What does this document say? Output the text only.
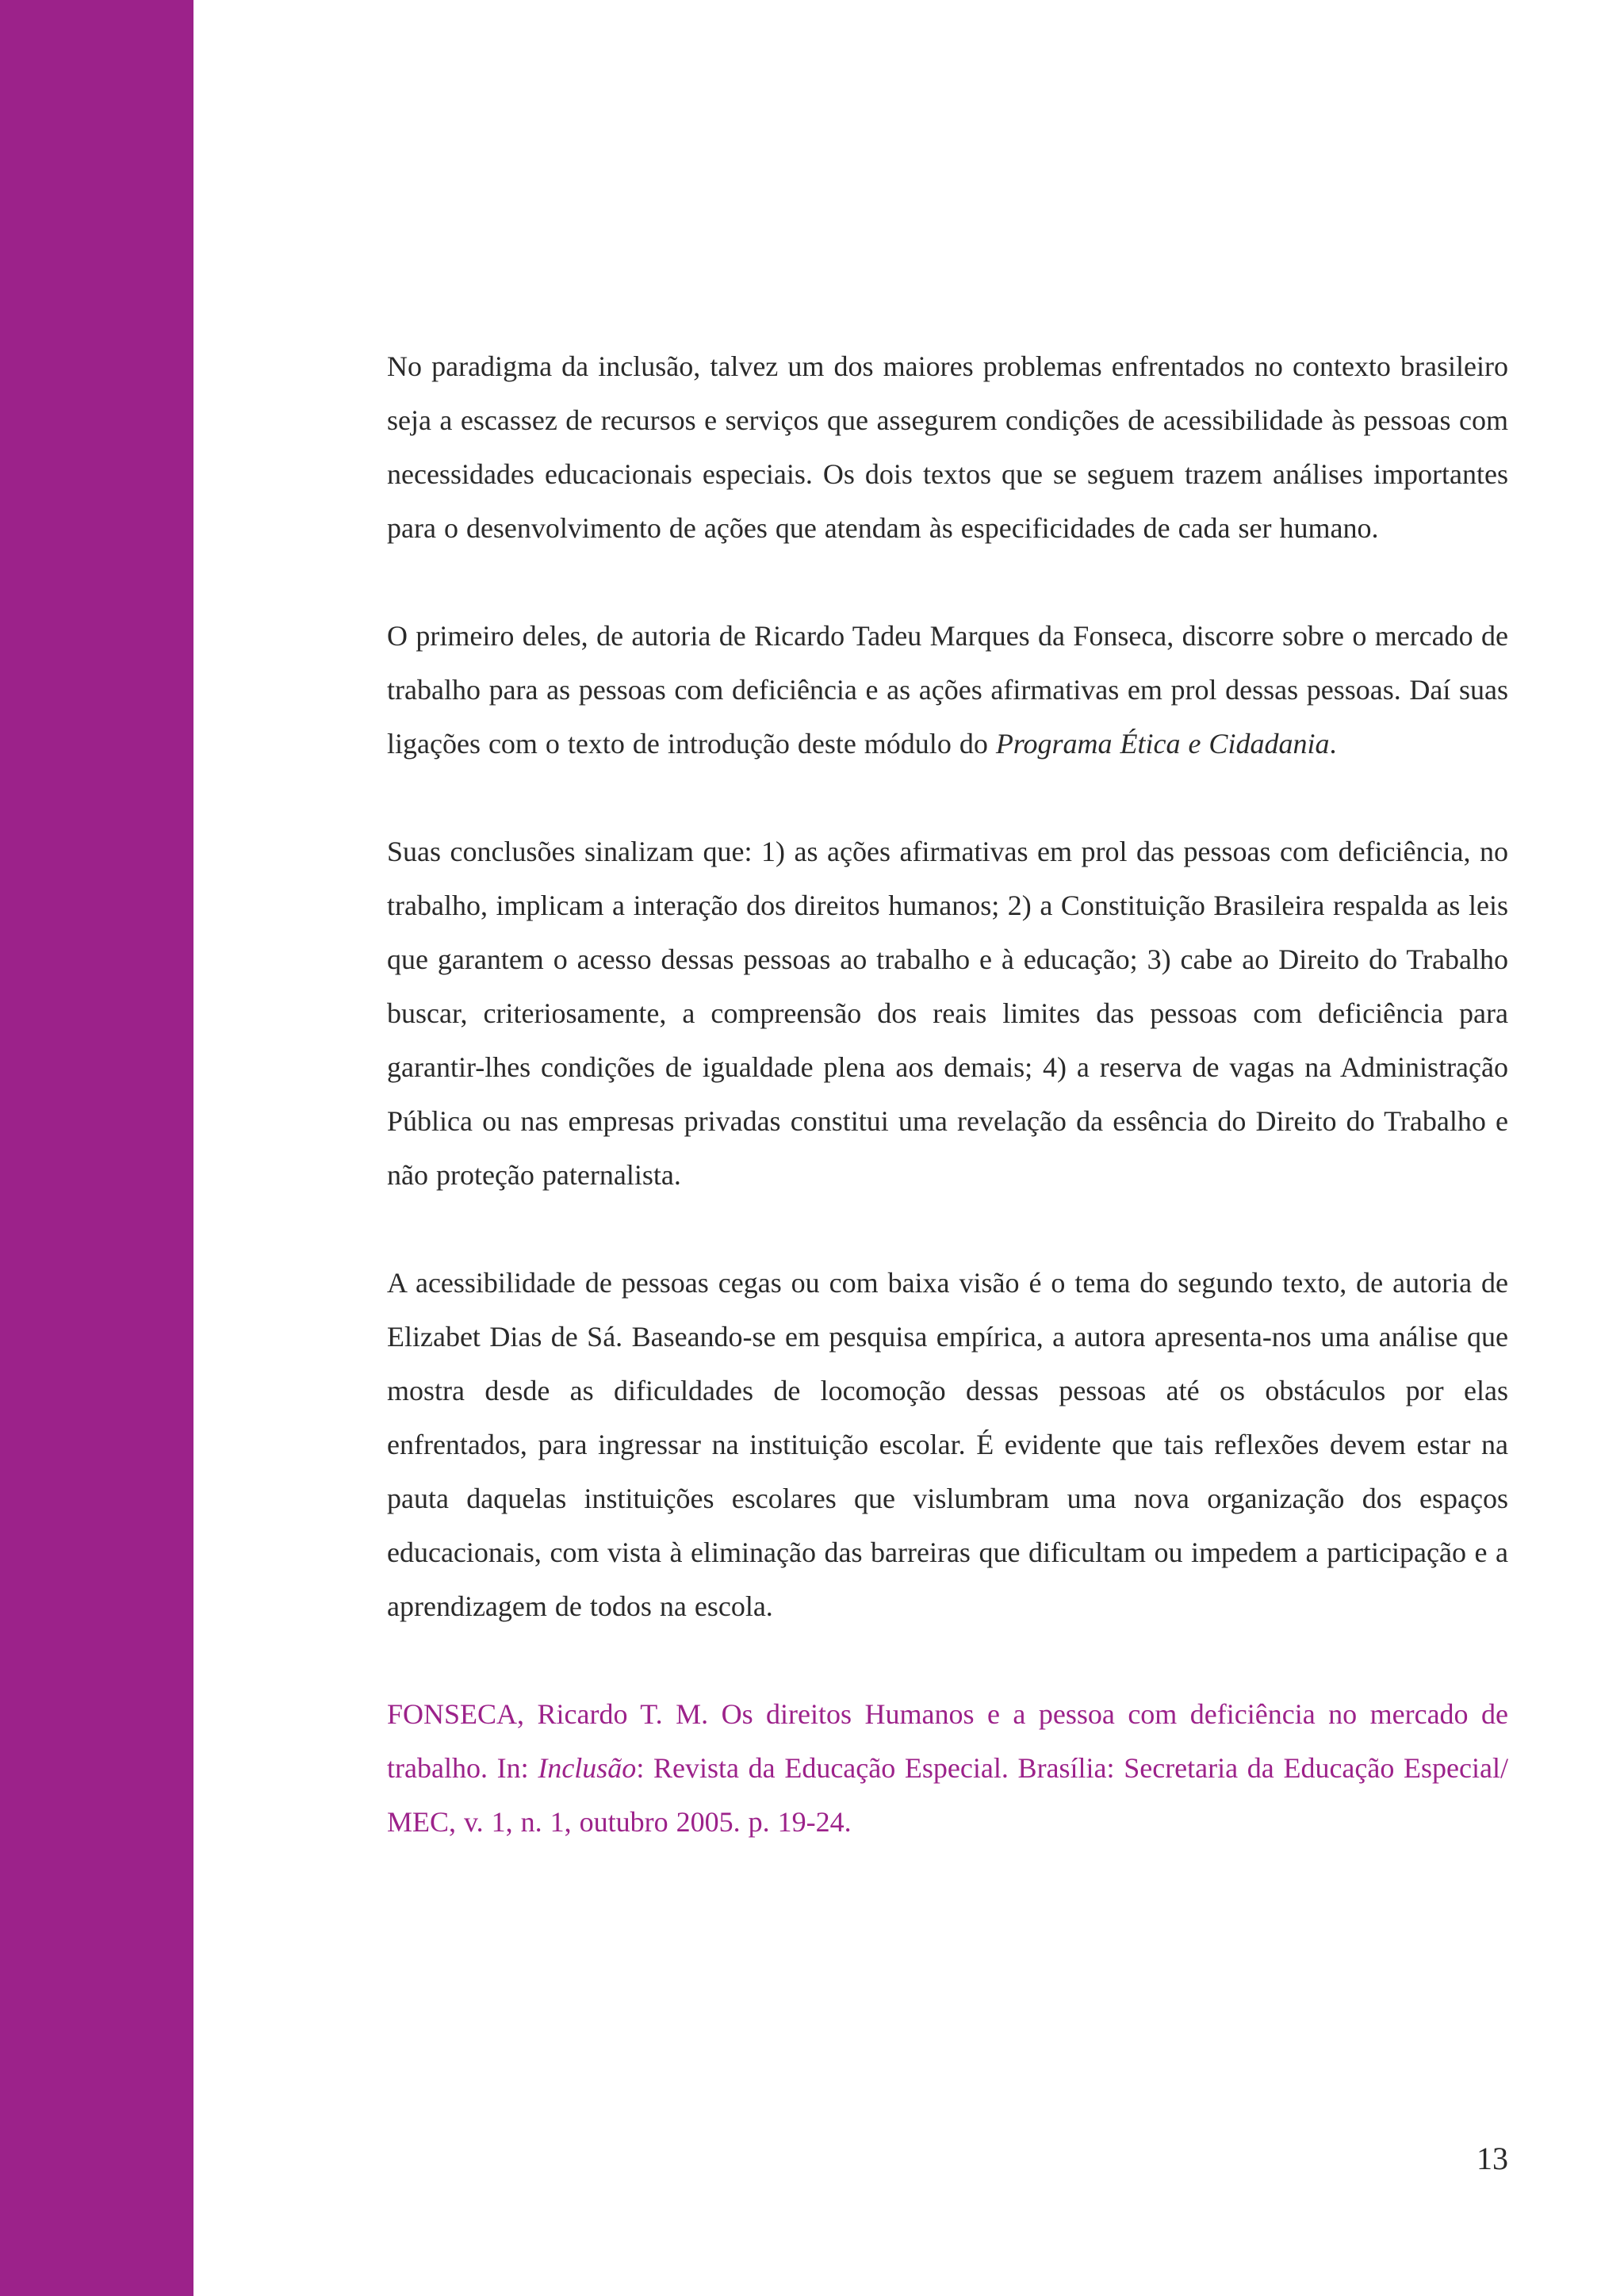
No paradigma da inclusão, talvez um dos maiores problemas enfrentados no contexto brasileiro seja a escassez de recursos e serviços que assegurem condições de acessibilidade às pessoas com necessidades educacionais especiais. Os dois textos que se seguem trazem análises importantes para o desenvolvimento de ações que atendam às especificidades de cada ser humano.

O primeiro deles, de autoria de Ricardo Tadeu Marques da Fonseca, discorre sobre o mercado de trabalho para as pessoas com deficiência e as ações afirmativas em prol dessas pessoas. Daí suas ligações com o texto de introdução deste módulo do Programa Ética e Cidadania.

Suas conclusões sinalizam que: 1) as ações afirmativas em prol das pessoas com deficiência, no trabalho, implicam a interação dos direitos humanos; 2) a Constituição Brasileira respalda as leis que garantem o acesso dessas pessoas ao trabalho e à educação; 3) cabe ao Direito do Trabalho buscar, criteriosamente, a compreensão dos reais limites das pessoas com deficiência para garantir-lhes condições de igualdade plena aos demais; 4) a reserva de vagas na Administração Pública ou nas empresas privadas constitui uma revelação da essência do Direito do Trabalho e não proteção paternalista.

A acessibilidade de pessoas cegas ou com baixa visão é o tema do segundo texto, de autoria de Elizabet Dias de Sá. Baseando-se em pesquisa empírica, a autora apresenta-nos uma análise que mostra desde as dificuldades de locomoção dessas pessoas até os obstáculos por elas enfrentados, para ingressar na instituição escolar. É evidente que tais reflexões devem estar na pauta daquelas instituições escolares que vislumbram uma nova organização dos espaços educacionais, com vista à eliminação das barreiras que dificultam ou impedem a participação e a aprendizagem de todos na escola.

FONSECA, Ricardo T. M. Os direitos Humanos e a pessoa com deficiência no mercado de trabalho. In: Inclusão: Revista da Educação Especial. Brasília: Secretaria da Educação Especial/ MEC, v. 1, n. 1, outubro 2005. p. 19-24.

13
